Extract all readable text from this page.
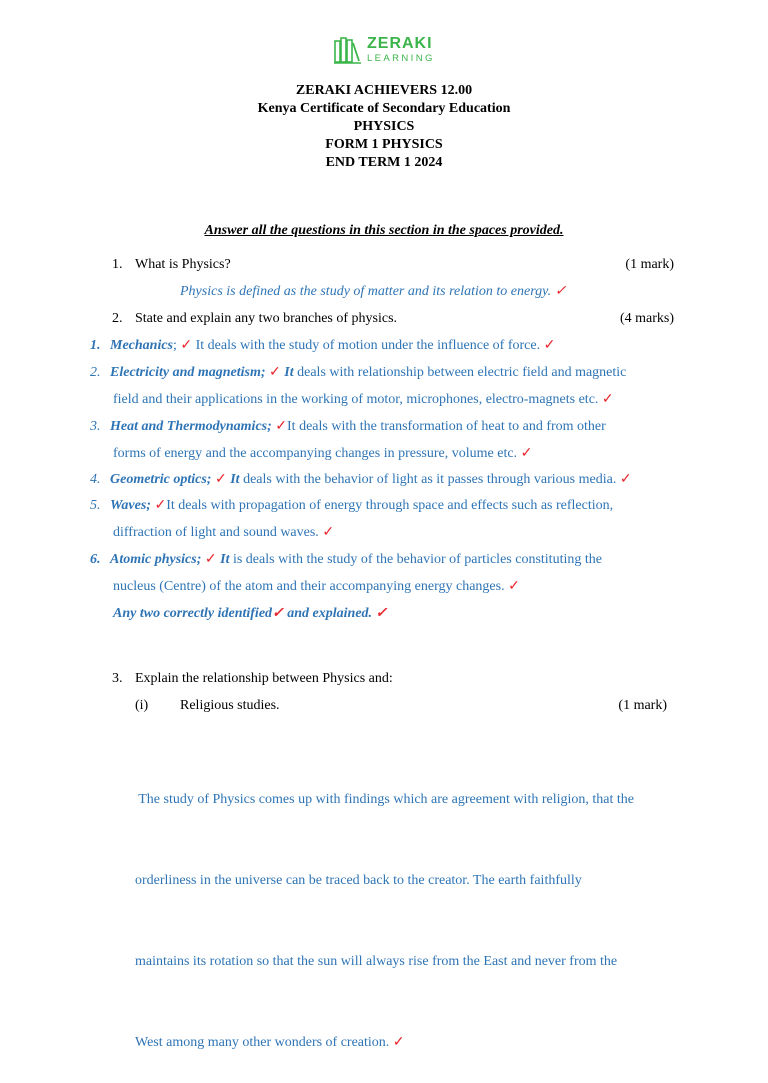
ZERAKI
LEARNING
ZERAKI ACHIEVERS 12.00
Kenya Certificate of Secondary Education
PHYSICS
FORM 1 PHYSICS
END TERM 1 2024
Answer all the questions in this section in the spaces provided.
1. What is Physics?	(1 mark)
Physics is defined as the study of matter and its relation to energy. ✓
2. State and explain any two branches of physics.	(4 marks)
1. Mechanics; ✓ It deals with the study of motion under the influence of force. ✓
2. Electricity and magnetism; ✓ It deals with relationship between electric field and magnetic
field and their applications in the working of motor, microphones, electro-magnets etc. ✓
3. Heat and Thermodynamics; ✓It deals with the transformation of heat to and from other
forms of energy and the accompanying changes in pressure, volume etc. ✓
4. Geometric optics; ✓ It deals with the behavior of light as it passes through various media. ✓
5. Waves; ✓It deals with propagation of energy through space and effects such as reflection,
diffraction of light and sound waves. ✓
6. Atomic physics; ✓ It is deals with the study of the behavior of particles constituting the
nucleus (Centre) of the atom and their accompanying energy changes. ✓
Any two correctly identified✓ and explained. ✓
3. Explain the relationship between Physics and:
(i) Religious studies.	(1 mark)

The study of Physics comes up with findings which are agreement with religion, that the

orderliness in the universe can be traced back to the creator. The earth faithfully

maintains its rotation so that the sun will always rise from the East and never from the

West among many other wonders of creation. ✓
